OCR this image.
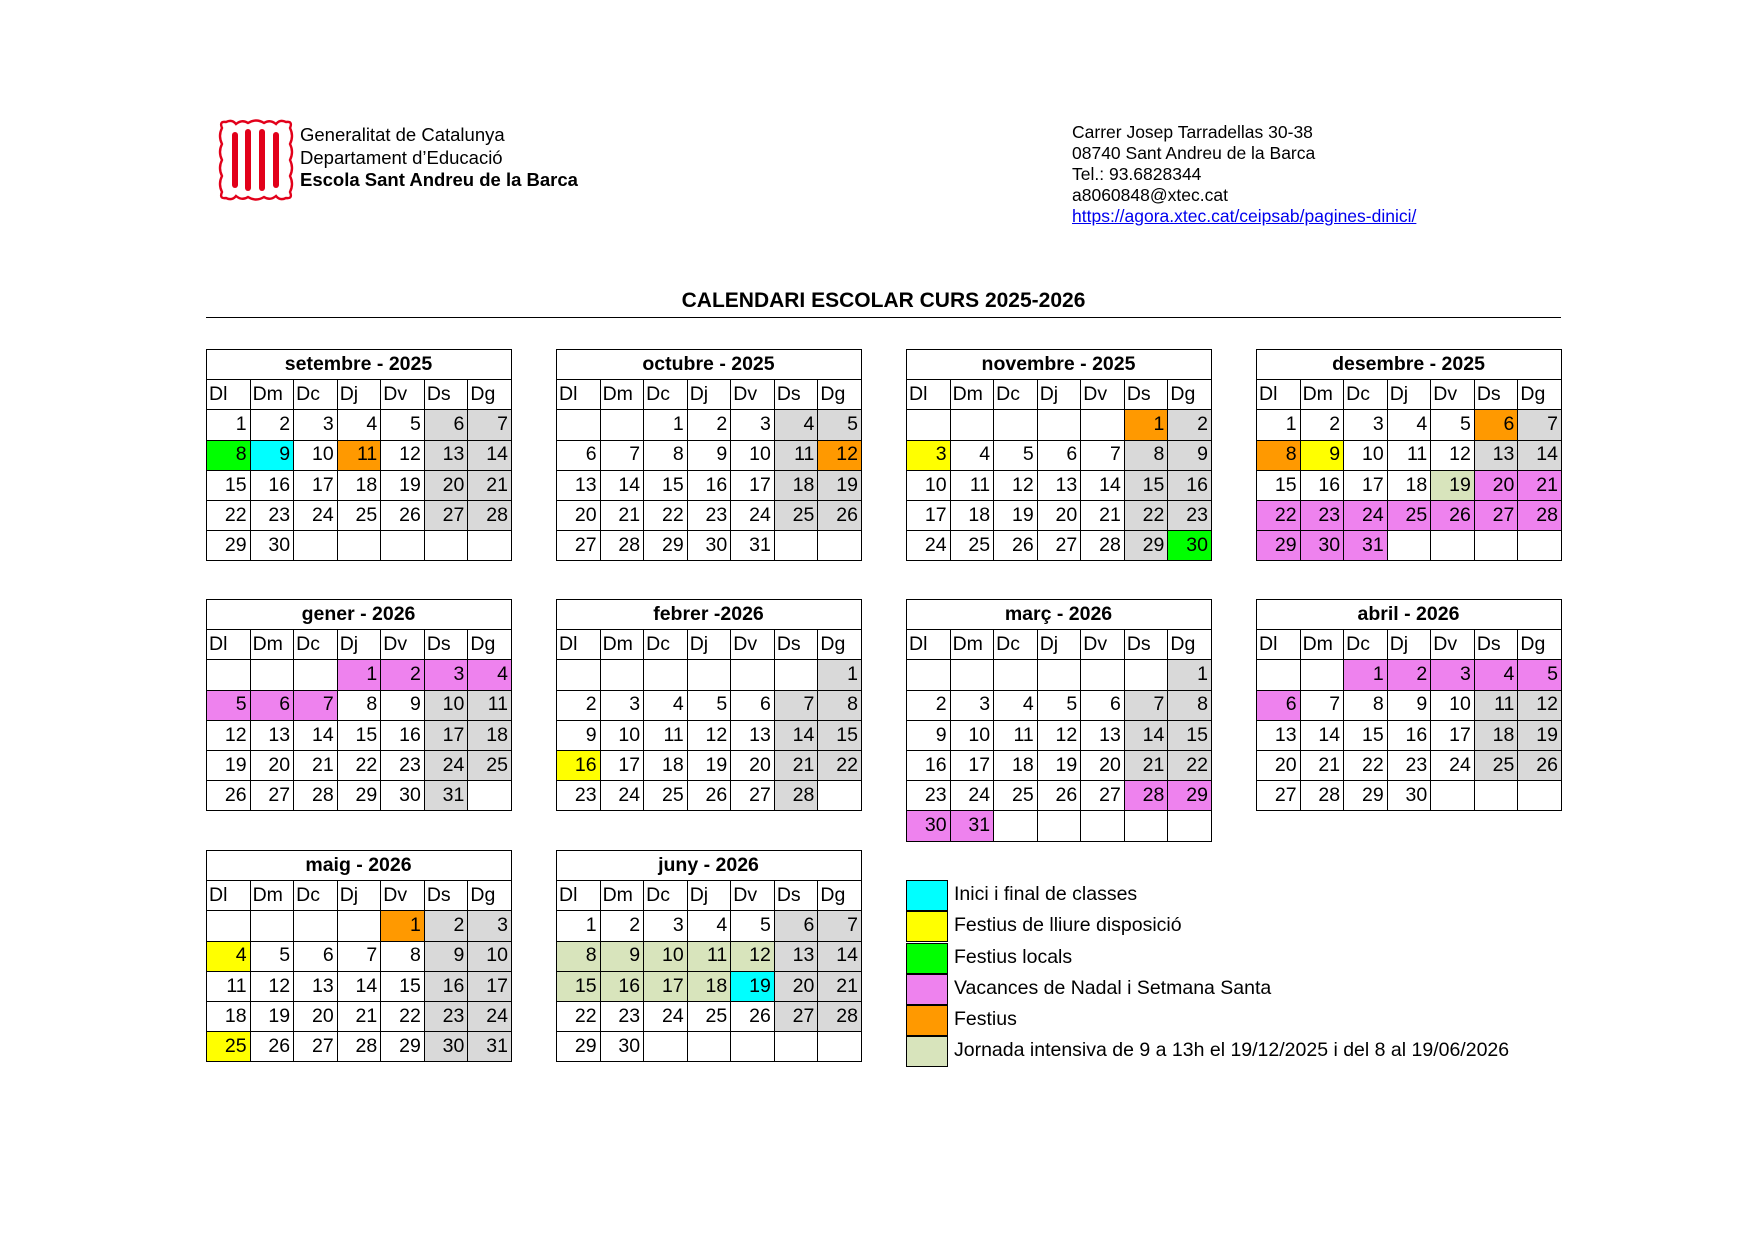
Generalitat de Catalunya
Departament d’Educació
Escola Sant Andreu de la Barca
Carrer Josep Tarradellas 30-38
08740 Sant Andreu de la Barca
Tel.: 93.6828344
a8060848@xtec.cat
https://agora.xtec.cat/ceipsab/pagines-dinici/
CALENDARI ESCOLAR CURS 2025-2026
setembre - 2025						
Dl	Dm	Dc	Dj	Dv	Ds	Dg
1	2	3	4	5	6	7
8	9	10	11	12	13	14
15	16	17	18	19	20	21
22	23	24	25	26	27	28
29	30					
octubre - 2025						
Dl	Dm	Dc	Dj	Dv	Ds	Dg
		1	2	3	4	5
6	7	8	9	10	11	12
13	14	15	16	17	18	19
20	21	22	23	24	25	26
27	28	29	30	31		
novembre - 2025						
Dl	Dm	Dc	Dj	Dv	Ds	Dg
					1	2
3	4	5	6	7	8	9
10	11	12	13	14	15	16
17	18	19	20	21	22	23
24	25	26	27	28	29	30
desembre - 2025						
Dl	Dm	Dc	Dj	Dv	Ds	Dg
1	2	3	4	5	6	7
8	9	10	11	12	13	14
15	16	17	18	19	20	21
22	23	24	25	26	27	28
29	30	31				
gener - 2026						
Dl	Dm	Dc	Dj	Dv	Ds	Dg
			1	2	3	4
5	6	7	8	9	10	11
12	13	14	15	16	17	18
19	20	21	22	23	24	25
26	27	28	29	30	31	
febrer -2026						
Dl	Dm	Dc	Dj	Dv	Ds	Dg
						1
2	3	4	5	6	7	8
9	10	11	12	13	14	15
16	17	18	19	20	21	22
23	24	25	26	27	28	
març - 2026						
Dl	Dm	Dc	Dj	Dv	Ds	Dg
						1
2	3	4	5	6	7	8
9	10	11	12	13	14	15
16	17	18	19	20	21	22
23	24	25	26	27	28	29
30	31					
abril - 2026						
Dl	Dm	Dc	Dj	Dv	Ds	Dg
		1	2	3	4	5
6	7	8	9	10	11	12
13	14	15	16	17	18	19
20	21	22	23	24	25	26
27	28	29	30			
maig - 2026						
Dl	Dm	Dc	Dj	Dv	Ds	Dg
				1	2	3
4	5	6	7	8	9	10
11	12	13	14	15	16	17
18	19	20	21	22	23	24
25	26	27	28	29	30	31
juny - 2026						
Dl	Dm	Dc	Dj	Dv	Ds	Dg
1	2	3	4	5	6	7
8	9	10	11	12	13	14
15	16	17	18	19	20	21
22	23	24	25	26	27	28
29	30					
Inici i final de classes
Festius de lliure disposició
Festius locals
Vacances de Nadal i Setmana Santa
Festius
Jornada intensiva de 9 a 13h el 19/12/2025 i del 8 al 19/06/2026
